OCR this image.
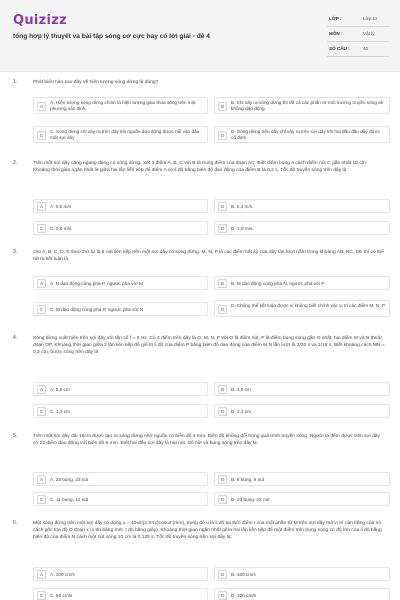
Quizizz
tổng hợp lý thuyết và bài tập sóng cơ cực hay có lời giải - đề 4
LỚP :	Lớp 12
MÔN :	Vật lý
SỐ CÂU :	40
1.	Phát biểu nào sau đây về hiện tượng sóng dừng là đúng?
A
A. Hiện tượng sóng dừng chính là hiện tượng giao thoa sóng trên một phương xác định.	B
B. Khi xảy ra sóng dừng thì tất cả các phần tử môi trường truyền sóng sẽ không dao động.
C
C. Sóng dừng chỉ xảy ra trên dây khi nguồn dao động được nối vào đầu một sợi dây	D
D. Sóng dừng trên dây chỉ xảy ra trên sợi dây khi hai đầu đầu dây được cố định.
2.	Trên một sợi dây căng ngang đang có sóng dừng. Xét 3 điểm A, B, C với B là trung điểm của đoạn AC. Biết điểm bụng A cách điểm nút C gần nhất 10 cm. Khoảng thời gian ngắn nhất là giữa hai lần liên tiếp để điểm A có li độ bằng biên độ dao động của điểm B là 0,2 s. Tốc độ truyền sóng trên dây là:
A	A. 0,5 m/s	B	B. 0,4 m/s
C	C. 0,6 m/s	D	D. 1,0 m/s.
3.	cho A, B, C, D, E theo thứ tự là 5 nút liên tiếp trên một sợi dây có sóng dừng. M, N, P là các điểm bất kỳ của dây lần lượt nằm trong khoảng AB, BC, DE thì có thể rút ra kết luận là
A	A. N dao động cùng pha P, ngược pha với M	B	B. M dao động cùng pha N, ngược pha với P
C	C. M dao động cùng pha P, ngược pha với N	D
D. Không thể kết luận được vì không biết chính xác vị trí các điểm M, N, P
4.	Sóng dừng xuất hiện trên sợi dây với tần số f = 5 Hz. Có 4 điểm trên dây là O, M, N, P với O là điểm nút, P là điểm bụng sóng gần O nhất, hai điểm M và N thuộc đoạn OP. Khoảng thời gian giữa 2 lần liên tiếp để giá trị li độ của điểm P bằng biên độ dao động của điểm M,N lần lượt là 1/20 s và 1/15 s. Biết khoảng cách MN = 0,2 cm, bước sóng trên dây là
A	A. 5,6 cm	B	B. 4,8 cm
C	C. 1,2 cm	D	D. 2,4 cm
5.	Trên một sợi dây dài 16cm được tạo ra sóng dừng nhờ nguồn có biên độ 4 mm. Biên độ không đổi trong quá trình truyền sóng. Người ta đếm được trên sợi dây có 22 điểm dao động với biên độ 6 mm. Biết hai đầu sợi dây là hai nút. Số nút và bụng sóng trên dây là:
A	A. 22 bụng, 23 nút	B	B. 8 bụng, 9 nút
C	C. 11 bụng, 12 nút	D	D. 23 bụng, 22 nút
6.	Một sóng dừng trên một sợi dây có dạng u = 40sin(2,5πx)cosωt (mm), trong đó u là li độ tại thời điểm t của một phần tử M trên sợi dây mà vị trí cân bằng của nó cách gốc toạ độ O đoạn x (x đo bằng mét, t đo bằng giây). Khoảng thời gian ngắn nhất giữa hai lần liên tiếp để một điểm trên bụng sóng có độ lớn của li độ bằng biên độ của điểm N cách một nút sóng 10 cm là 0,125 s. Tốc độ truyền sóng trên sợi dây là:
A	A. 100 cm/s	B	B. 160 cm/s
C	C. 80 cm/s	D	D. 320 cm/s
